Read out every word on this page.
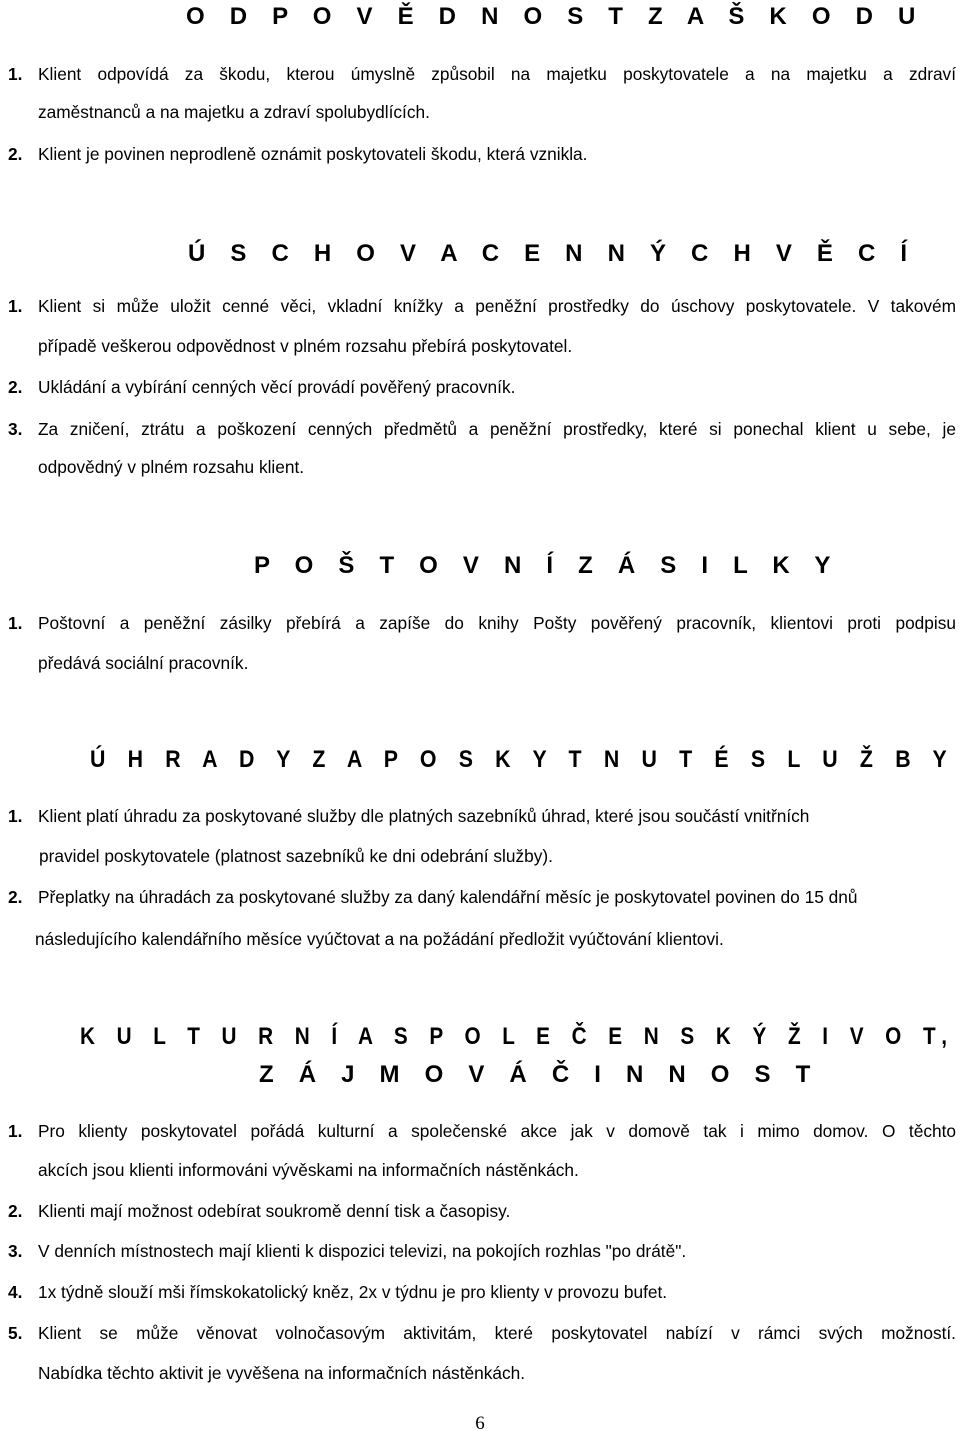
O D P O V Ě D N O S T Z A Š K O D U
1. Klient odpovídá za škodu, kterou úmyslně způsobil na majetku poskytovatele a na majetku a zdraví
zaměstnanců a na majetku a zdraví spolubydlících.
2. Klient je povinen neprodleně oznámit poskytovateli škodu, která vznikla.
Ú S C H O V A C E N N Ý C H V Ě C Í
1. Klient si může uložit cenné věci, vkladní knížky a peněžní prostředky do úschovy poskytovatele. V takovém
případě veškerou odpovědnost v plném rozsahu přebírá poskytovatel.
2. Ukládání a vybírání cenných věcí provádí pověřený pracovník.
3. Za zničení, ztrátu a poškození cenných předmětů a peněžní prostředky, které si ponechal klient u sebe, je
odpovědný v plném rozsahu klient.
P O Š T O V N Í Z Á S I L K Y
1. Poštovní a peněžní zásilky přebírá a zapíše do knihy Pošty pověřený pracovník, klientovi proti podpisu
předává sociální pracovník.
Ú H R A D Y Z A P O S K Y T N U T É S L U Ž B Y
1. Klient platí úhradu za poskytované služby dle platných sazebníků úhrad, které jsou součástí vnitřních
pravidel poskytovatele (platnost sazebníků ke dni odebrání služby).
2. Přeplatky na úhradách za poskytované služby za daný kalendářní měsíc je poskytovatel povinen do 15 dnů
následujícího kalendářního měsíce vyúčtovat a na požádání předložit vyúčtování klientovi.
K U L T U R N Í A S P O L E Č E N S K Ý Ž I V O T,
Z Á J M O V Á Č I N N O S T
1. Pro klienty poskytovatel pořádá kulturní a společenské akce jak v domově tak i mimo domov. O těchto
akcích jsou klienti informováni vývěskami na informačních nástěnkách.
2. Klienti mají možnost odebírat soukromě denní tisk a časopisy.
3. V denních místnostech mají klienti k dispozici televizi, na pokojích rozhlas "po drátě".
4. 1x týdně slouží mši římskokatolický kněz, 2x v týdnu je pro klienty v provozu bufet.
5. Klient se může věnovat volnočasovým aktivitám, které poskytovatel nabízí v rámci svých možností.
Nabídka těchto aktivit je vyvěšena na informačních nástěnkách.
6
